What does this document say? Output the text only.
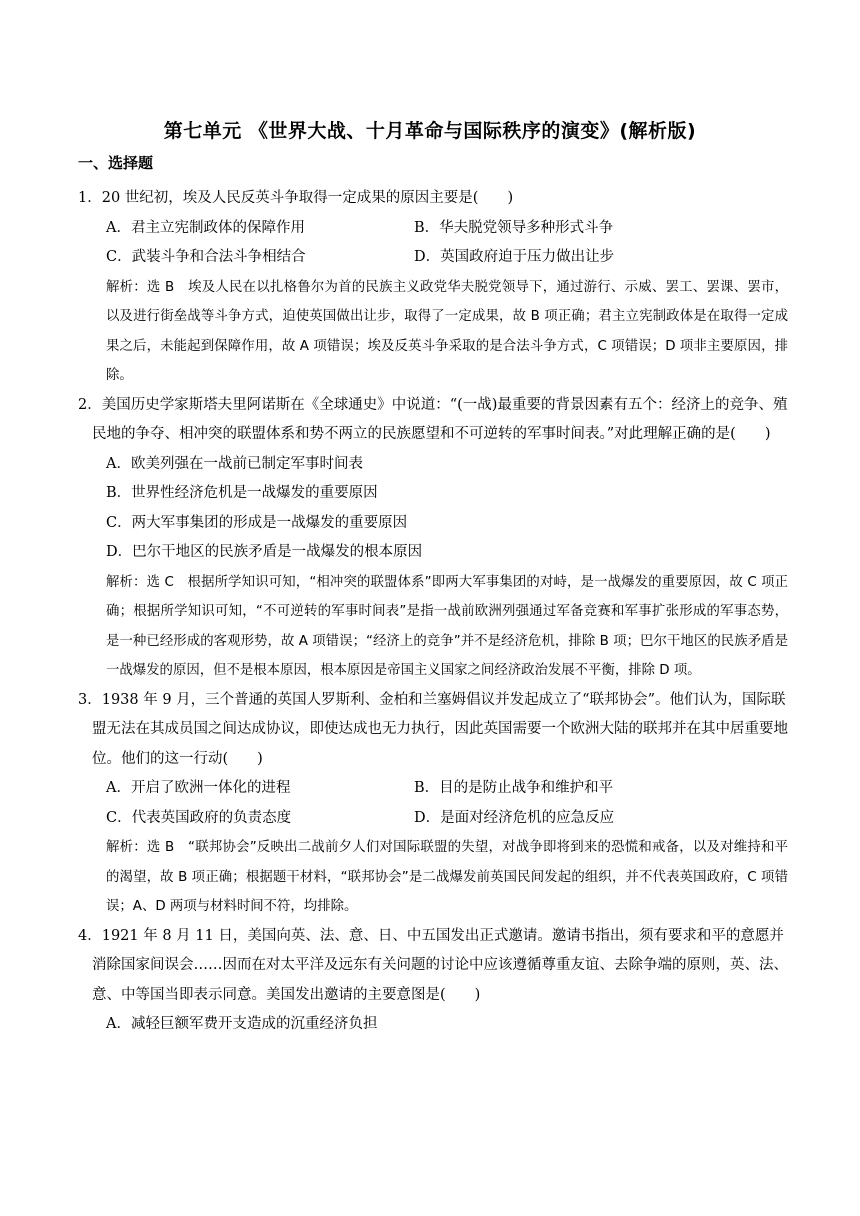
第七单元 《世界大战、十月革命与国际秩序的演变》(解析版)
一、选择题

1．20 世纪初，埃及人民反英斗争取得一定成果的原因主要是(　　)

A．君主立宪制政体的保障作用	B．华夫脱党领导多种形式斗争

C．武装斗争和合法斗争相结合	D．英国政府迫于压力做出让步

解析：选 B　埃及人民在以扎格鲁尔为首的民族主义政党华夫脱党领导下，通过游行、示威、罢工、罢课、罢市，以及进行街垒战等斗争方式，迫使英国做出让步，取得了一定成果，故 B 项正确；君主立宪制政体是在取得一定成果之后，未能起到保障作用，故 A 项错误；埃及反英斗争采取的是合法斗争方式，C 项错误；D 项非主要原因，排除。

2．美国历史学家斯塔夫里阿诺斯在《全球通史》中说道：“(一战)最重要的背景因素有五个：经济上的竞争、殖民地的争夺、相冲突的联盟体系和势不两立的民族愿望和不可逆转的军事时间表。”对此理解正确的是(　　)

A．欧美列强在一战前已制定军事时间表

B．世界性经济危机是一战爆发的重要原因

C．两大军事集团的形成是一战爆发的重要原因

D．巴尔干地区的民族矛盾是一战爆发的根本原因

解析：选 C　根据所学知识可知，“相冲突的联盟体系”即两大军事集团的对峙，是一战爆发的重要原因，故 C 项正确；根据所学知识可知，“不可逆转的军事时间表”是指一战前欧洲列强通过军备竞赛和军事扩张形成的军事态势，是一种已经形成的客观形势，故 A 项错误；“经济上的竞争”并不是经济危机，排除 B 项；巴尔干地区的民族矛盾是一战爆发的原因，但不是根本原因，根本原因是帝国主义国家之间经济政治发展不平衡，排除 D 项。

3．1938 年 9 月，三个普通的英国人罗斯利、金柏和兰塞姆倡议并发起成立了“联邦协会”。他们认为，国际联盟无法在其成员国之间达成协议，即使达成也无力执行，因此英国需要一个欧洲大陆的联邦并在其中居重要地位。他们的这一行动(　　)

A．开启了欧洲一体化的进程	B．目的是防止战争和维护和平

C．代表英国政府的负责态度	D．是面对经济危机的应急反应

解析：选 B　“联邦协会”反映出二战前夕人们对国际联盟的失望，对战争即将到来的恐慌和戒备，以及对维持和平的渴望，故 B 项正确；根据题干材料，“联邦协会”是二战爆发前英国民间发起的组织，并不代表英国政府，C 项错误；A、D 两项与材料时间不符，均排除。

4．1921 年 8 月 11 日，美国向英、法、意、日、中五国发出正式邀请。邀请书指出，须有要求和平的意愿并消除国家间误会……因而在对太平洋及远东有关问题的讨论中应该遵循尊重友谊、去除争端的原则，英、法、意、中等国当即表示同意。美国发出邀请的主要意图是(　　)

A．减轻巨额军费开支造成的沉重经济负担
